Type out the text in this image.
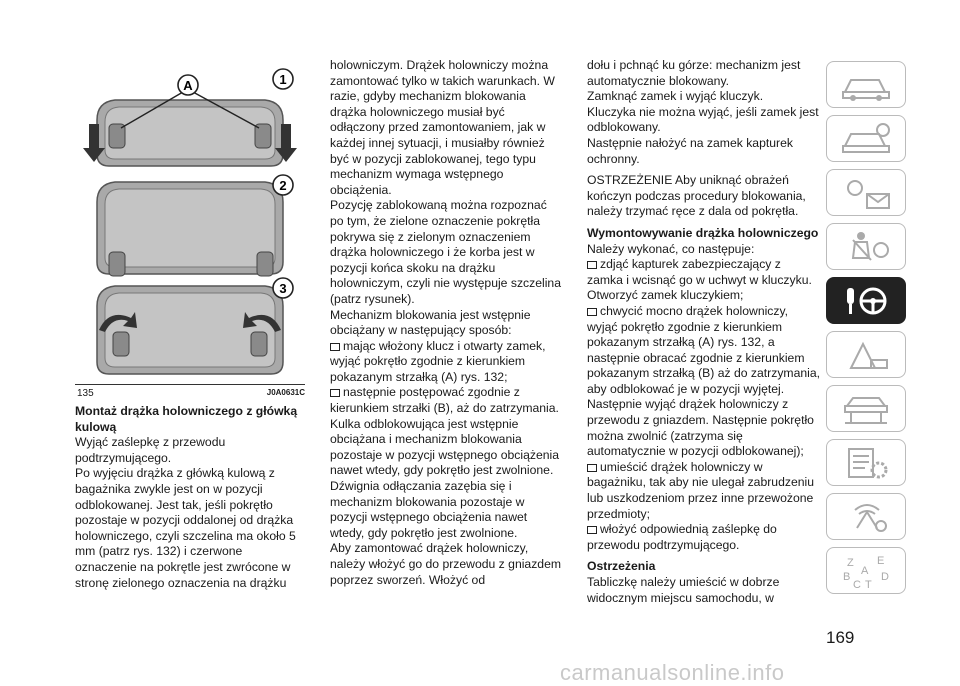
A	1
2
3
135	J0A0631C

Montaż drążka holowniczego z główką kulową

Wyjąć zaślepkę z przewodu podtrzymującego.

Po wyjęciu drążka z główką kulową z bagażnika zwykle jest on w pozycji odblokowanej. Jest tak, jeśli pokrętło pozostaje w pozycji oddalonej od drążka holowniczego, czyli szczelina ma około 5 mm (patrz rys. 132) i czerwone oznaczenie na pokrętle jest zwrócone w stronę zielonego oznaczenia na drążku

holowniczym. Drążek holowniczy można zamontować tylko w takich warunkach. W razie, gdyby mechanizm blokowania drążka holowniczego musiał być odłączony przed zamontowaniem, jak w każdej innej sytuacji, i musiałby również być w pozycji zablokowanej, tego typu mechanizm wymaga wstępnego obciążenia.

Pozycję zablokowaną można rozpoznać po tym, że zielone oznaczenie pokrętła pokrywa się z zielonym oznaczeniem drążka holowniczego i że korba jest w pozycji końca skoku na drążku holowniczym, czyli nie występuje szczelina (patrz rysunek).

Mechanizm blokowania jest wstępnie obciążany w następujący sposób:

mając włożony klucz i otwarty zamek, wyjąć pokrętło zgodnie z kierunkiem pokazanym strzałką (A) rys. 132;

następnie postępować zgodnie z kierunkiem strzałki (B), aż do zatrzymania.

Kulka odblokowująca jest wstępnie obciążana i mechanizm blokowania pozostaje w pozycji wstępnego obciążenia nawet wtedy, gdy pokrętło jest zwolnione.

Dźwignia odłączania zazębia się i mechanizm blokowania pozostaje w pozycji wstępnego obciążenia nawet wtedy, gdy pokrętło jest zwolnione.

Aby zamontować drążek holowniczy, należy włożyć go do przewodu z gniazdem poprzez sworzeń. Włożyć od

dołu i pchnąć ku górze: mechanizm jest automatycznie blokowany.

Zamknąć zamek i wyjąć kluczyk.

Kluczyka nie można wyjąć, jeśli zamek jest odblokowany.

Następnie nałożyć na zamek kapturek ochronny.

OSTRZEŻENIE Aby uniknąć obrażeń kończyn podczas procedury blokowania, należy trzymać ręce z dala od pokrętła.

Wymontowywanie drążka holowniczego

Należy wykonać, co następuje:

zdjąć kapturek zabezpieczający z zamka i wcisnąć go w uchwyt w kluczyku. Otworzyć zamek kluczykiem;

chwycić mocno drążek holowniczy, wyjąć pokrętło zgodnie z kierunkiem pokazanym strzałką (A) rys. 132, a następnie obracać zgodnie z kierunkiem pokazanym strzałką (B) aż do zatrzymania, aby odblokować je w pozycji wyjętej. Następnie wyjąć drążek holowniczy z przewodu z gniazdem. Następnie pokrętło można zwolnić (zatrzyma się automatycznie w pozycji odblokowanej);

umieścić drążek holowniczy w bagażniku, tak aby nie ulegał zabrudzeniu lub uszkodzeniom przez inne przewożone przedmioty;

włożyć odpowiednią zaślepkę do przewodu podtrzymującego.

Ostrzeżenia

Tabliczkę należy umieścić w dobrze widocznym miejscu samochodu, w

Z E
A
B	D
C T
169
carmanualsonline.info
